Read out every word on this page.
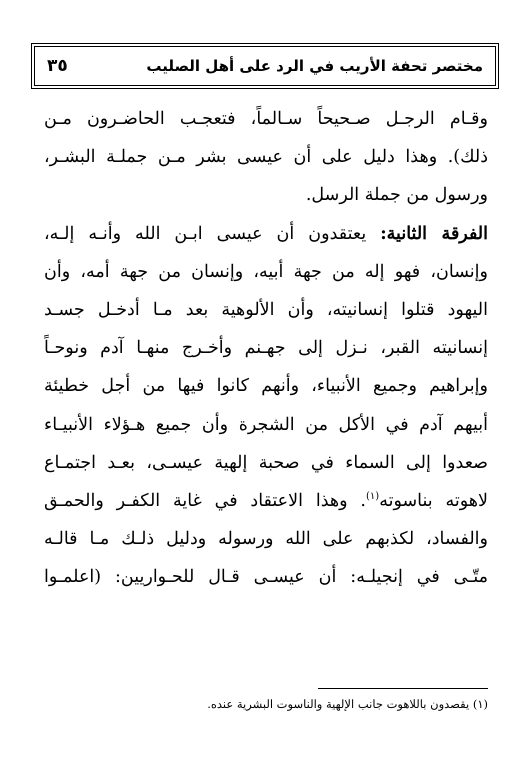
مختصر تحفة الأريب في الرد على أهل الصليب
٣٥
وقـام الرجـل صـحيحاً سـالماً، فتعجـب الحاضـرون مـن
ذلك). وهذا دليل على أن عيسى بشر مـن جملـة البشـر،
ورسول من جملة الرسل.
الفرقة الثانية: يعتقدون أن عيسى ابـن الله وأنـه إلـه،
وإنسان، فهو إله من جهة أبيه، وإنسان من جهة أمه، وأن
اليهود قتلوا إنسانيته، وأن الألوهية بعد مـا أدخـل جسـد
إنسانيته القبر، نـزل إلى جهـنم وأخـرج منهـا آدم ونوحـاً
وإبراهيم وجميع الأنبياء، وأنهم كانوا فيها من أجل خطيئة
أبيهم آدم في الأكل من الشجرة وأن جميع هـؤلاء الأنبيـاء
صعدوا إلى السماء في صحبة إلهية عيسـى، بعـد اجتمـاع
لاهوته بناسوته$^{(١)}$. وهذا الاعتقاد في غاية الكفـر والحمـق
والفساد، لكذبهم على الله ورسوله ودليل ذلـك مـا قالـه
متّـى في إنجيلـه: أن عيسـى قـال للحـواريين: (اعلمـوا
(١) يقصدون باللاهوت جانب الإلهية والناسوت البشرية عنده.
